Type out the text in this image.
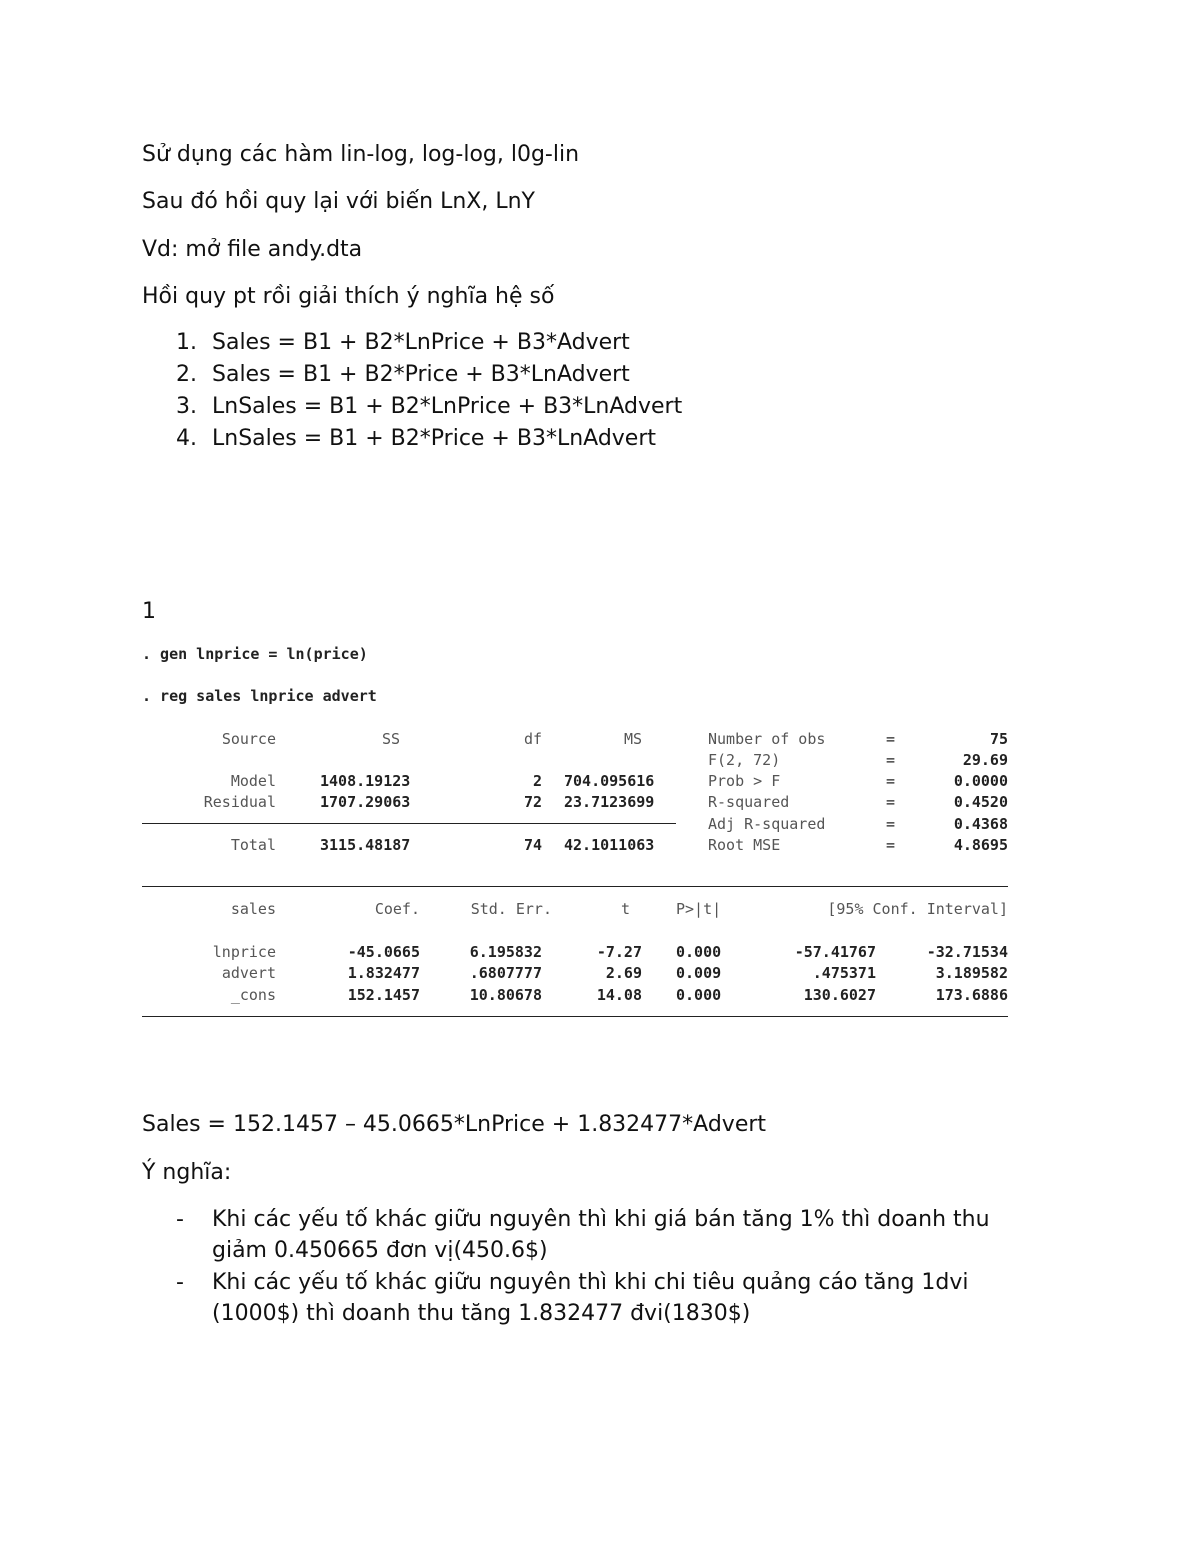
Sử dụng các hàm lin-log, log-log, l0g-lin
Sau đó hồi quy lại với biến LnX, LnY
Vd: mở file andy.dta
Hồi quy pt rồi giải thích ý nghĩa hệ số
1. Sales = B1 + B2*LnPrice + B3*Advert
2. Sales = B1 + B2*Price + B3*LnAdvert
3. LnSales = B1 + B2*LnPrice + B3*LnAdvert
4. LnSales = B1 + B2*Price + B3*LnAdvert
1
. gen lnprice = ln(price)
. reg sales lnprice advert
Source	SS	df	MS
Model	1408.19123	2 704.095616
Residual	1707.29063	72 23.7123699
Total	3115.48187	74 42.1011063
Number of obs	=	75
F(2, 72)	=	29.69
Prob > F	=	0.0000
R-squared	=	0.4520
Adj R-squared	=	0.4368
Root MSE	=	4.8695
sales	Coef.	Std. Err.	t	P>|t|	[95% Conf. Interval]
lnprice	-45.0665	6.195832	-7.27 0.000	-57.41767	-32.71534
advert	1.832477	.6807777	2.69 0.009	.475371	3.189582
_cons	152.1457	10.80678	14.08 0.000	130.6027	173.6886
Sales = 152.1457 – 45.0665*LnPrice + 1.832477*Advert
Ý nghĩa:
- Khi các yếu tố khác giữu nguyên thì khi giá bán tăng 1% thì doanh thu
giảm 0.450665 đơn vị(450.6$)
- Khi các yếu tố khác giữu nguyên thì khi chi tiêu quảng cáo tăng 1dvi
(1000$) thì doanh thu tăng 1.832477 đvi(1830$)
